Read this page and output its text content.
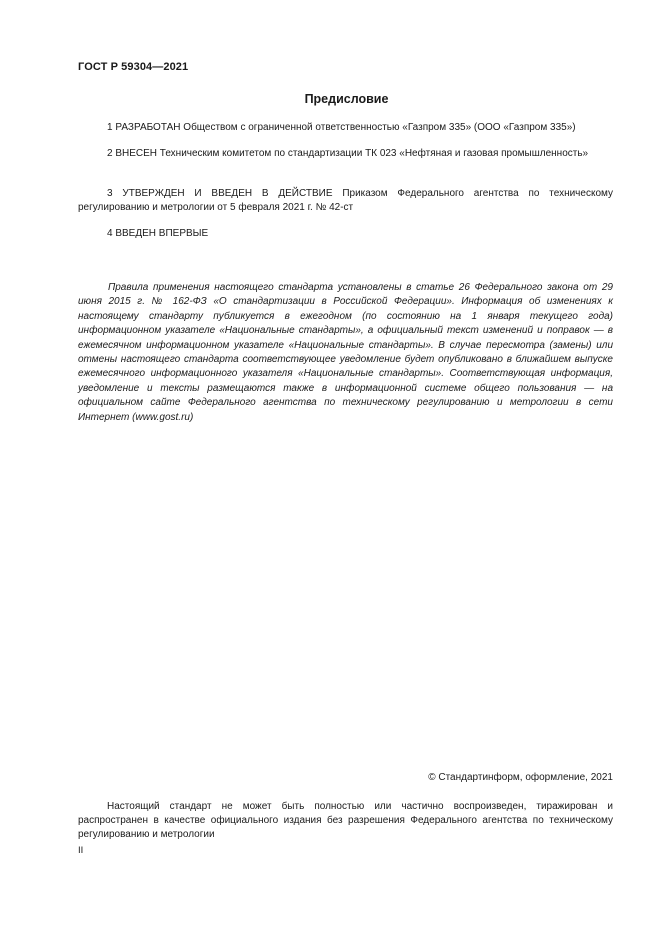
ГОСТ Р 59304—2021
Предисловие
1 РАЗРАБОТАН Обществом с ограниченной ответственностью «Газпром 335» (ООО «Газпром 335»)
2 ВНЕСЕН Техническим комитетом по стандартизации ТК 023 «Нефтяная и газовая промышленность»
3 УТВЕРЖДЕН И ВВЕДЕН В ДЕЙСТВИЕ Приказом Федерального агентства по техническому регулированию и метрологии от 5 февраля 2021 г. № 42-ст
4 ВВЕДЕН ВПЕРВЫЕ
Правила применения настоящего стандарта установлены в статье 26 Федерального закона от 29 июня 2015 г. № 162-ФЗ «О стандартизации в Российской Федерации». Информация об изменениях к настоящему стандарту публикуется в ежегодном (по состоянию на 1 января текущего года) информационном указателе «Национальные стандарты», а официальный текст изменений и поправок — в ежемесячном информационном указателе «Национальные стандарты». В случае пересмотра (замены) или отмены настоящего стандарта соответствующее уведомление будет опубликовано в ближайшем выпуске ежемесячного информационного указателя «Национальные стандарты». Соответствующая информация, уведомление и тексты размещаются также в информационной системе общего пользования — на официальном сайте Федерального агентства по техническому регулированию и метрологии в сети Интернет (www.gost.ru)
© Стандартинформ, оформление, 2021
Настоящий стандарт не может быть полностью или частично воспроизведен, тиражирован и распространен в качестве официального издания без разрешения Федерального агентства по техническому регулированию и метрологии
II
